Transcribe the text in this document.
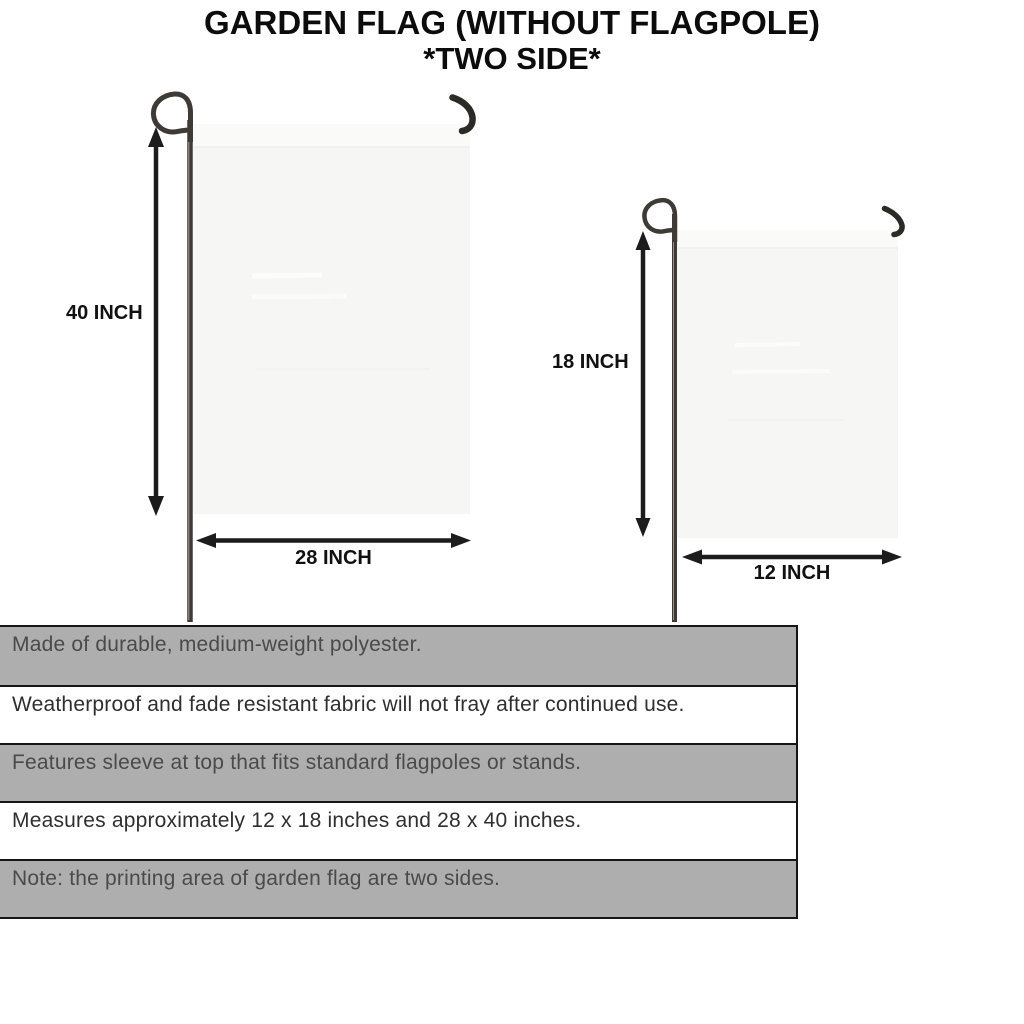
GARDEN FLAG (WITHOUT FLAGPOLE)
*TWO SIDE*
40 INCH
28 INCH
18 INCH
12 INCH
Made of durable, medium-weight polyester.
Weatherproof and fade resistant fabric will not fray after continued use.
Features sleeve at top that fits standard flagpoles or stands.
Measures approximately 12 x 18 inches and 28 x 40 inches.
Note: the printing area of garden flag are two sides.
